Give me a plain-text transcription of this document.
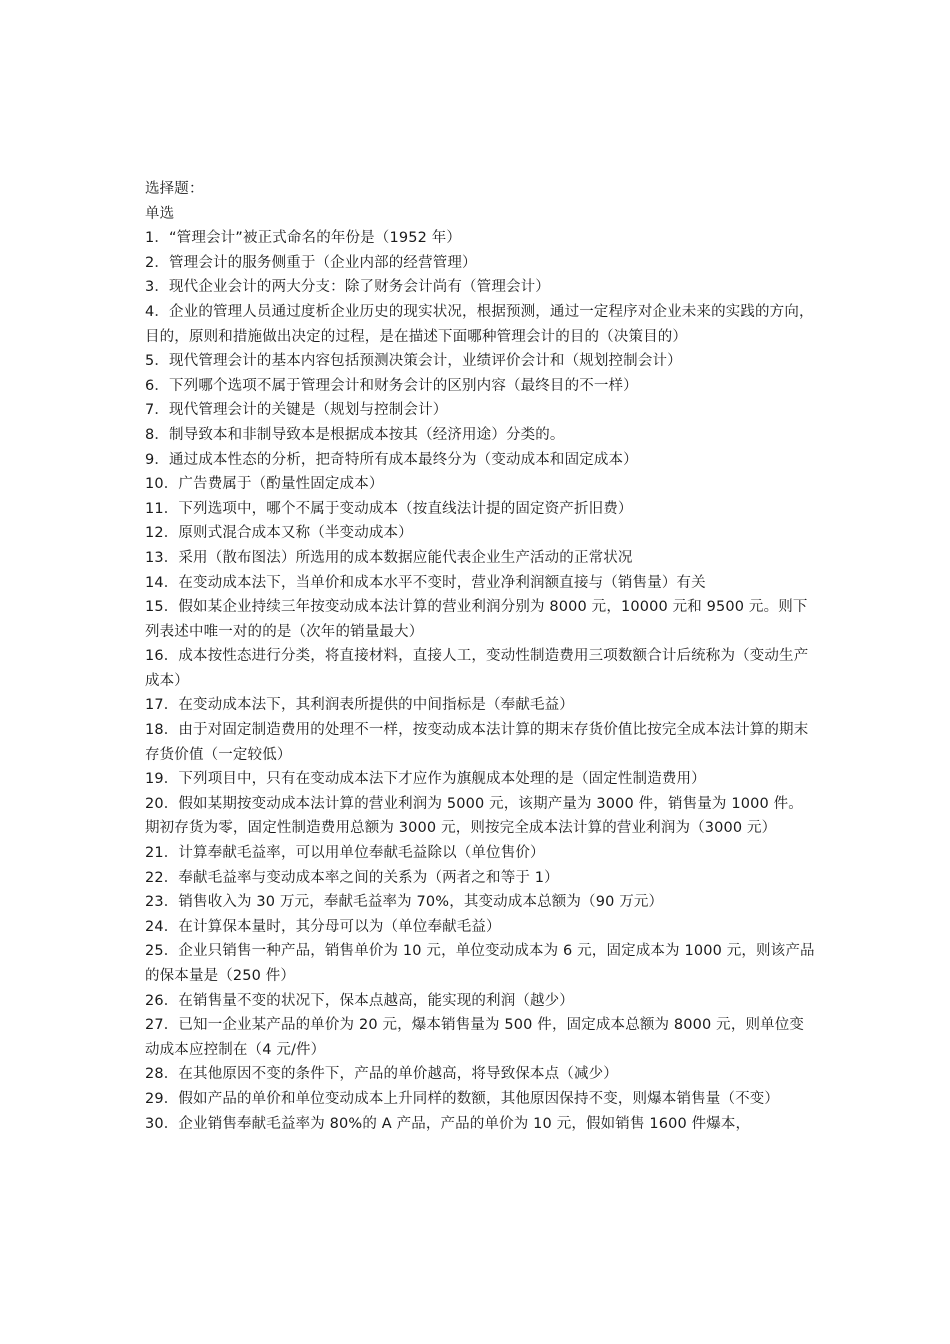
选择题：

单选

1．“管理会计”被正式命名的年份是（1952 年）

2．管理会计的服务侧重于（企业内部的经营管理）

3．现代企业会计的两大分支：除了财务会计尚有（管理会计）

4．企业的管理人员通过度析企业历史的现实状况，根据预测，通过一定程序对企业未来的实践的方向，目的，原则和措施做出决定的过程，是在描述下面哪种管理会计的目的（决策目的）

5．现代管理会计的基本内容包括预测决策会计，业绩评价会计和（规划控制会计）

6．下列哪个选项不属于管理会计和财务会计的区别内容（最终目的不一样）

7．现代管理会计的关键是（规划与控制会计）

8．制导致本和非制导致本是根据成本按其（经济用途）分类的。

9．通过成本性态的分析，把奇特所有成本最终分为（变动成本和固定成本）

10．广告费属于（酌量性固定成本）

11．下列选项中，哪个不属于变动成本（按直线法计提的固定资产折旧费）

12．原则式混合成本又称（半变动成本）

13．采用（散布图法）所选用的成本数据应能代表企业生产活动的正常状况

14．在变动成本法下，当单价和成本水平不变时，营业净利润额直接与（销售量）有关

15．假如某企业持续三年按变动成本法计算的营业利润分别为 8000 元，10000 元和 9500 元。则下列表述中唯一对的的是（次年的销量最大）

16．成本按性态进行分类，将直接材料，直接人工，变动性制造费用三项数额合计后统称为（变动生产成本）

17．在变动成本法下，其利润表所提供的中间指标是（奉献毛益）

18．由于对固定制造费用的处理不一样，按变动成本法计算的期末存货价值比按完全成本法计算的期末存货价值（一定较低）

19．下列项目中，只有在变动成本法下才应作为旗舰成本处理的是（固定性制造费用）

20．假如某期按变动成本法计算的营业利润为 5000 元，该期产量为 3000 件，销售量为 1000 件。期初存货为零，固定性制造费用总额为 3000 元，则按完全成本法计算的营业利润为（3000 元）

21．计算奉献毛益率，可以用单位奉献毛益除以（单位售价）

22．奉献毛益率与变动成本率之间的关系为（两者之和等于 1）

23．销售收入为 30 万元，奉献毛益率为 70%，其变动成本总额为（90 万元）

24．在计算保本量时，其分母可以为（单位奉献毛益）

25．企业只销售一种产品，销售单价为 10 元，单位变动成本为 6 元，固定成本为 1000 元，则该产品的保本量是（250 件）

26．在销售量不变的状况下，保本点越高，能实现的利润（越少）

27．已知一企业某产品的单价为 20 元，爆本销售量为 500 件，固定成本总额为 8000 元，则单位变动成本应控制在（4 元/件）

28．在其他原因不变的条件下，产品的单价越高，将导致保本点（减少）

29．假如产品的单价和单位变动成本上升同样的数额，其他原因保持不变，则爆本销售量（不变）

30．企业销售奉献毛益率为 80%的 A 产品，产品的单价为 10 元，假如销售 1600 件爆本，
